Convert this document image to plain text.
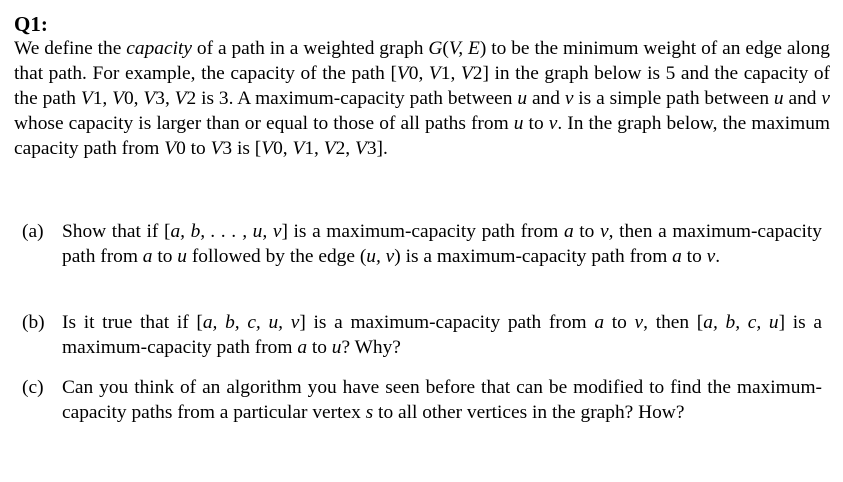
Q1:

We define the capacity of a path in a weighted graph G(V, E) to be the minimum weight of an edge along that path. For example, the capacity of the path [V0, V1, V2] in the graph below is 5 and the capacity of the path V1, V0, V3, V2 is 3. A maximum-capacity path between u and v is a simple path between u and v whose capacity is larger than or equal to those of all paths from u to v. In the graph below, the maximum capacity path from V0 to V3 is [V0, V1, V2, V3].

(a) Show that if [a, b, . . . , u, v] is a maximum-capacity path from a to v, then a maximum-capacity path from a to u followed by the edge (u, v) is a maximum-capacity path from a to v.
(b) Is it true that if [a, b, c, u, v] is a maximum-capacity path from a to v, then [a, b, c, u] is a maximum-capacity path from a to u? Why?
(c) Can you think of an algorithm you have seen before that can be modified to find the maximum-capacity paths from a particular vertex s to all other vertices in the graph? How?
